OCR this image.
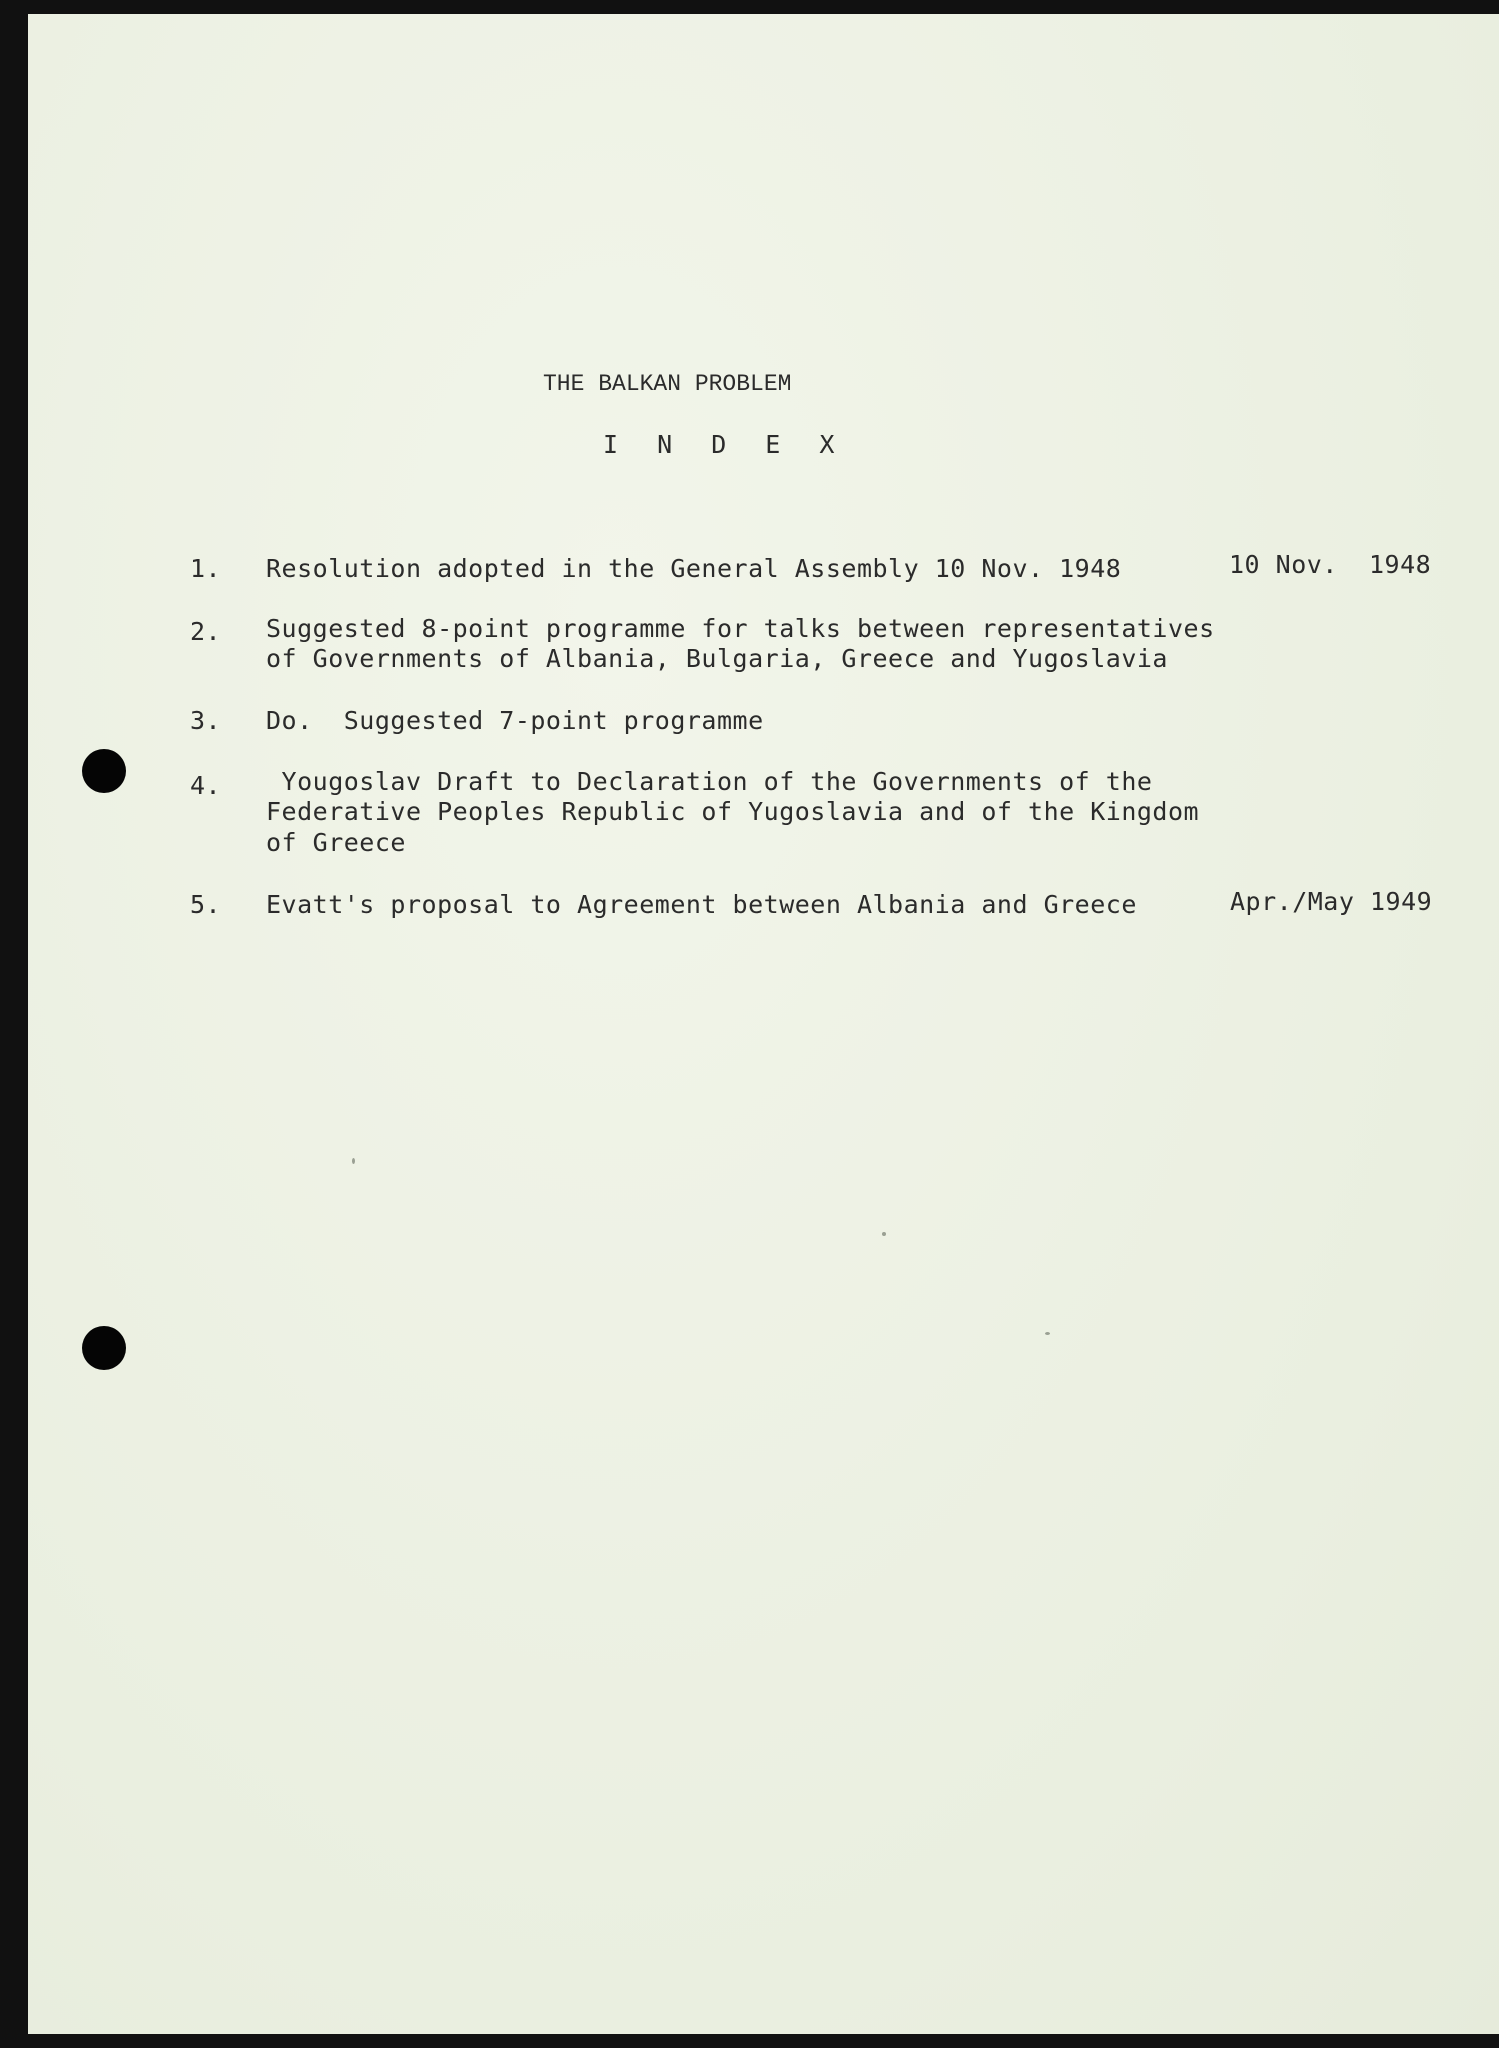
THE BALKAN PROBLEM
I N D E X
1. Resolution adopted in the General Assembly 10 Nov. 1948	10 Nov.  1948
2. Suggested 8-point programme for talks between representatives
of Governments of Albania, Bulgaria, Greece and Yugoslavia
3. Do.  Suggested 7-point programme
4. Yougoslav Draft to Declaration of the Governments of the
Federative Peoples Republic of Yugoslavia and of the Kingdom
of Greece
5. Evatt's proposal to Agreement between Albania and Greece	Apr./May 1949
